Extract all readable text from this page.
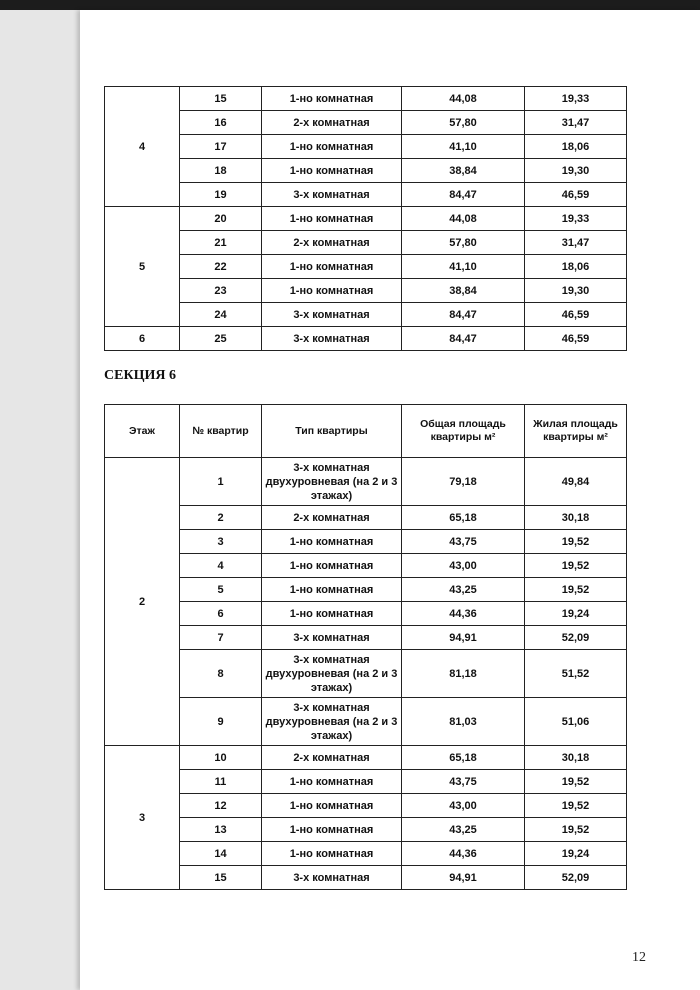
4	15	1-но комнатная	44,08	19,33
	16	2-х комнатная	57,80	31,47
	17	1-но комнатная	41,10	18,06
	18	1-но комнатная	38,84	19,30
	19	3-х комнатная	84,47	46,59
5	20	1-но комнатная	44,08	19,33
	21	2-х комнатная	57,80	31,47
	22	1-но комнатная	41,10	18,06
	23	1-но комнатная	38,84	19,30
	24	3-х комнатная	84,47	46,59
6	25	3-х комнатная	84,47	46,59
СЕКЦИЯ 6
Этаж	№ квартир	Тип квартиры	Общая площадь квартиры м²	Жилая площадь квартиры м²
2	1	3-х комнатная двухуровневая (на 2 и 3 этажах)	79,18	49,84
	2	2-х комнатная	65,18	30,18
	3	1-но комнатная	43,75	19,52
	4	1-но комнатная	43,00	19,52
	5	1-но комнатная	43,25	19,52
	6	1-но комнатная	44,36	19,24
	7	3-х комнатная	94,91	52,09
	8	3-х комнатная двухуровневая (на 2 и 3 этажах)	81,18	51,52
	9	3-х комнатная двухуровневая (на 2 и 3 этажах)	81,03	51,06
3	10	2-х комнатная	65,18	30,18
	11	1-но комнатная	43,75	19,52
	12	1-но комнатная	43,00	19,52
	13	1-но комнатная	43,25	19,52
	14	1-но комнатная	44,36	19,24
	15	3-х комнатная	94,91	52,09
12
